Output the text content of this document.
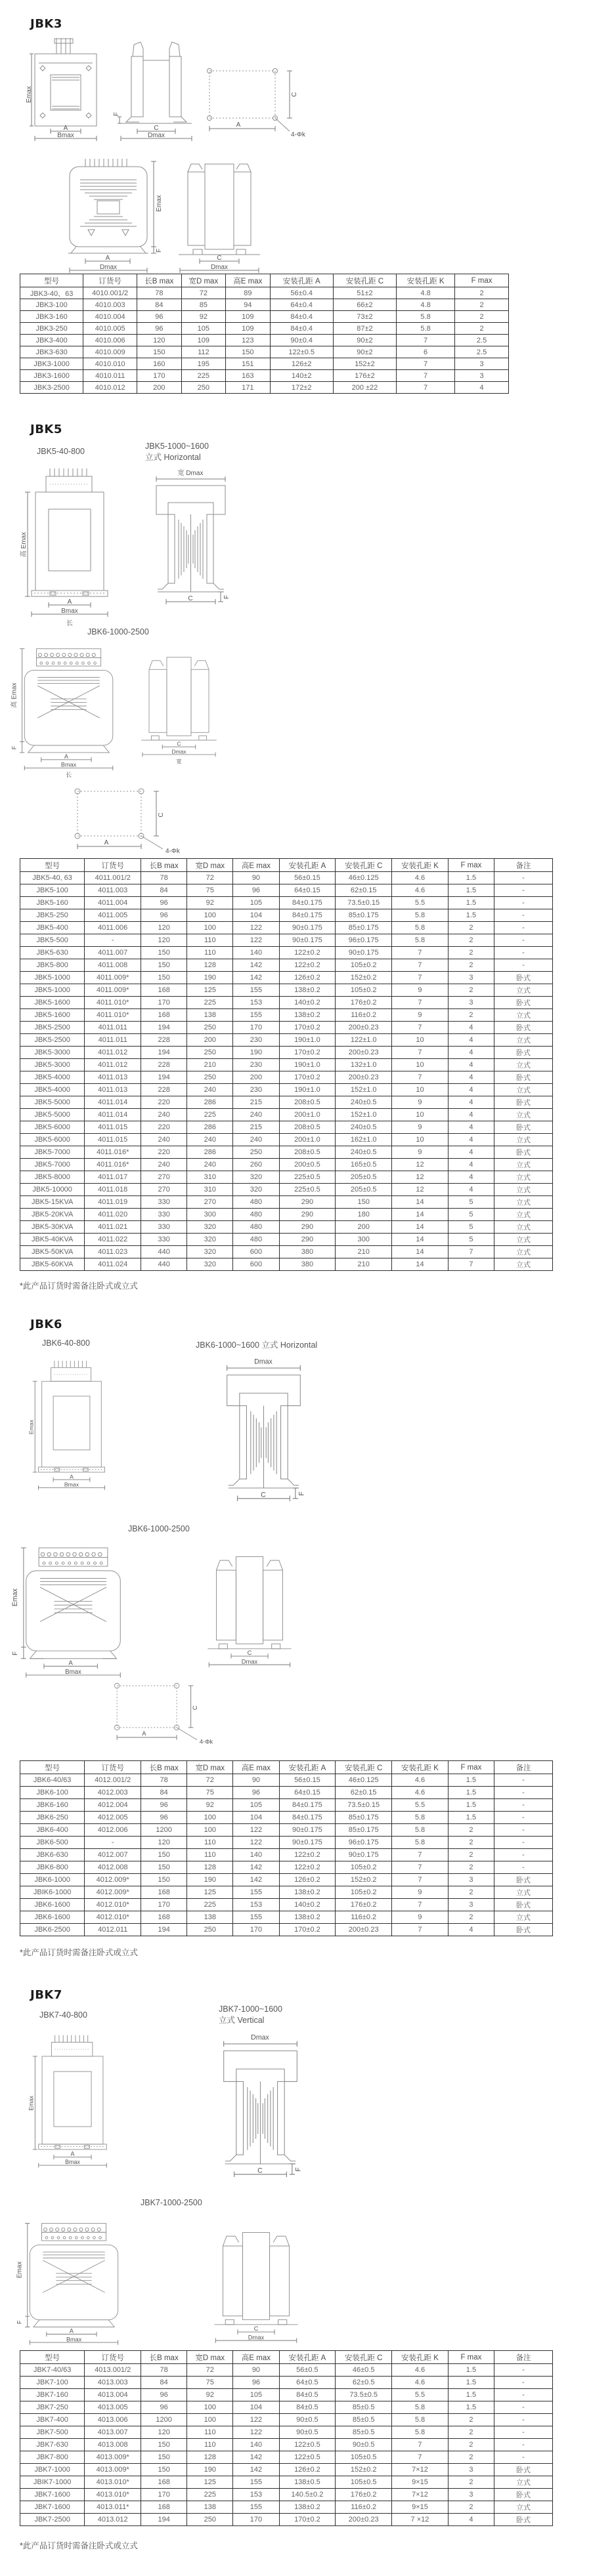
JBK3
Emax
A
Bmax
F
C
Dmax
C
A
4-Φk
Emax
F
A
Dmax
C
Dmax
型号	订货号	长B max	宽D max	高E max	安装孔距 A	安装孔距 C	安装孔距 K	F max
JBK3-40、63	4010.001/2	78	72	89	56±0.4	51±2	4.8	2
JBK3-100	4010.003	84	85	94	64±0.4	66±2	4.8	2
JBK3-160	4010.004	96	92	109	84±0.4	73±2	5.8	2
JBK3-250	4010.005	96	105	109	84±0.4	87±2	5.8	2
JBK3-400	4010.006	120	109	123	90±0.4	90±2	7	2.5
JBK3-630	4010.009	150	112	150	122±0.5	90±2	6	2.5
JBK3-1000	4010.010	160	195	151	126±2	152±2	7	3
JBK3-1600	4010.011	170	225	163	140±2	176±2	7	3
JBK3-2500	4010.012	200	250	171	172±2	200 ±22	7	4
JBK5
JBK5-40-800
JBK5-1000~1600
立式 Horizontal
高 Emax
A
Bmax
长
宽 Dmax
C	F
JBK6-1000-2500
高 Emax
F
A
Bmax
长
C
Dmax
宽
C
A
4-Φk
型号	订货号	长B max	宽D max	高E max	安装孔距 A	安装孔距 C	安装孔距 K	F max	备注
JBK5-40, 63	4011.001/2	78	72	90	56±0.15	46±0.125	4.6	1.5	-
JBK5-100	4011.003	84	75	96	64±0.15	62±0.15	4.6	1.5	-
JBK5-160	4011.004	96	92	105	84±0.175	73.5±0.15	5.5	1.5	-
JBK5-250	4011.005	96	100	104	84±0.175	85±0.175	5.8	1.5	-
JBK5-400	4011.006	120	100	122	90±0.175	85±0.175	5.8	2	-
JBK5-500	-	120	110	122	90±0.175	96±0.175	5.8	2	-
JBK5-630	4011.007	150	110	140	122±0.2	90±0.175	7	2	-
JBK5-800	4011.008	150	128	142	122±0.2	105±0.2	7	2	-
JBK5-1000	4011.009*	150	190	142	126±0.2	152±0.2	7	3	卧式
JBK5-1000	4011.009*	168	125	155	138±0.2	105±0.2	9	2	立式
JBK5-1600	4011.010*	170	225	153	140±0.2	176±0.2	7	3	卧式
JBK5-1600	4011.010*	168	138	155	138±0.2	116±0.2	9	2	立式
JBK5-2500	4011.011	194	250	170	170±0.2	200±0.23	7	4	卧式
JBK5-2500	4011.011	228	200	230	190±1.0	122±1.0	10	4	立式
JBK5-3000	4011.012	194	250	190	170±0.2	200±0.23	7	4	卧式
JBK5-3000	4011.012	228	210	230	190±1.0	132±1.0	10	4	立式
JBK5-4000	4011.013	194	250	200	170±0.2	200±0.23	7	4	卧式
JBK5-4000	4011.013	228	240	230	190±1.0	152±1.0	10	4	立式
JBK5-5000	4011.014	220	286	215	208±0.5	240±0.5	9	4	卧式
JBK5-5000	4011.014	240	225	240	200±1.0	152±1.0	10	4	立式
JBK5-6000	4011.015	220	286	215	208±0.5	240±0.5	9	4	卧式
JBK5-6000	4011.015	240	240	240	200±1.0	162±1.0	10	4	立式
JBK5-7000	4011.016*	220	286	250	208±0.5	240±0.5	9	4	卧式
JBK5-7000	4011.016*	240	240	260	200±0.5	165±0.5	12	4	立式
JBK5-8000	4011.017	270	310	320	225±0.5	205±0.5	12	4	立式
JBK5-10000	4011.018	270	310	320	225±0.5	205±0.5	12	4	立式
JBK5-15KVA	4011.019	330	270	480	290	150	14	5	立式
JBK5-20KVA	4011.020	330	300	480	290	180	14	5	立式
JBK5-30KVA	4011.021	330	320	480	290	200	14	5	立式
JBK5-40KVA	4011.022	330	320	480	290	300	14	5	立式
JBK5-50KVA	4011.023	440	320	600	380	210	14	7	立式
JBK5-60KVA	4011.024	440	320	600	380	210	14	7	立式
*此产品订货时需备注卧式或立式
JBK6
JBK6-40-800	JBK6-1000~1600 立式 Horizontal
Emax
A
Bmax
Dmax
C	F
JBK6-1000-2500
Emax
F
A
Bmax
C
Dmax
C
A
4-Φk
型号	订货号	长B max	宽D max	高E max	安装孔距 A	安装孔距 C	安装孔距 K	F max	备注
JBK6-40/63	4012.001/2	78	72	90	56±0.15	46±0.125	4.6	1.5	-
JBK6-100	4012.003	84	75	96	64±0.15	62±0.15	4.6	1.5	-
JBK6-160	4012.004	96	92	105	84±0.175	73.5±0.15	5.5	1.5	-
JBK6-250	4012.005	96	100	104	84±0.175	85±0.175	5.8	1.5	-
JBK6-400	4012.006	1200	100	122	90±0.175	85±0.175	5.8	2	-
JBK6-500	-	120	110	122	90±0.175	96±0.175	5.8	2	-
JBK6-630	4012.007	150	110	140	122±0.2	90±0.175	7	2	-
JBK6-800	4012.008	150	128	142	122±0.2	105±0.2	7	2	-
JBK6-1000	4012.009*	150	190	142	126±0.2	152±0.2	7	3	卧式
JBIK6-1000	4012.009*	168	125	155	138±0.2	105±0.2	9	2	立式
JBK6-1600	4012.010*	170	225	153	140±0.2	176±0.2	7	3	卧式
JBK6-1600	4012.010*	168	138	155	138±0.2	116±0.2	9	2	立式
JBK6-2500	4012.011	194	250	170	170±0.2	200±0.23	7	4	卧式
*此产品订货时需备注卧式或立式
JBK7
JBK7-40-800
JBK7-1000~1600
立式 Vertical
Emax
A
Bmax
Dmax
C	F
JBK7-1000-2500
Emax
F
A
Bmax
C
Dmax
型号	订货号	长B max	宽D max	高E max	安装孔距 A	安装孔距 C	安装孔距 K	F max	备注
JBK7-40/63	4013.001/2	78	72	90	56±0.5	46±0.5	4.6	1.5	-
JBK7-100	4013.003	84	75	96	64±0.5	62±0.5	4.6	1.5	-
JBK7-160	4013.004	96	92	105	84±0.5	73.5±0.5	5.5	1.5	-
JBK7-250	4013.005	96	100	104	84±0.5	85±0.5	5.8	1.5	-
JBK7-400	4013.006	1200	100	122	90±0.5	85±0.5	5.8	2	-
JBK7-500	4013.007	120	110	122	90±0.5	85±0.5	5.8	2	-
JBK7-630	4013.008	150	110	140	122±0.5	90±0.5	7	2	-
JBK7-800	4013.009*	150	128	142	122±0.5	105±0.5	7	2	-
JBK7-1000	4013.009*	150	190	142	126±0.2	152±0.2	7×12	3	卧式
JBIK7-1000	4013.010*	168	125	155	138±0.5	105±0.5	9×15	2	立式
JBK7-1600	4013.010*	170	225	153	140.5±0.2	176±0.2	7×12	3	卧式
JBK7-1600	4013.011*	168	138	155	138±0.2	116±0.2	9×15	2	立式
JBK7-2500	4013.012	194	250	170	170±0.2	200±0.23	7 ×12	4	卧式
*此产品订货时需备注卧式或立式
